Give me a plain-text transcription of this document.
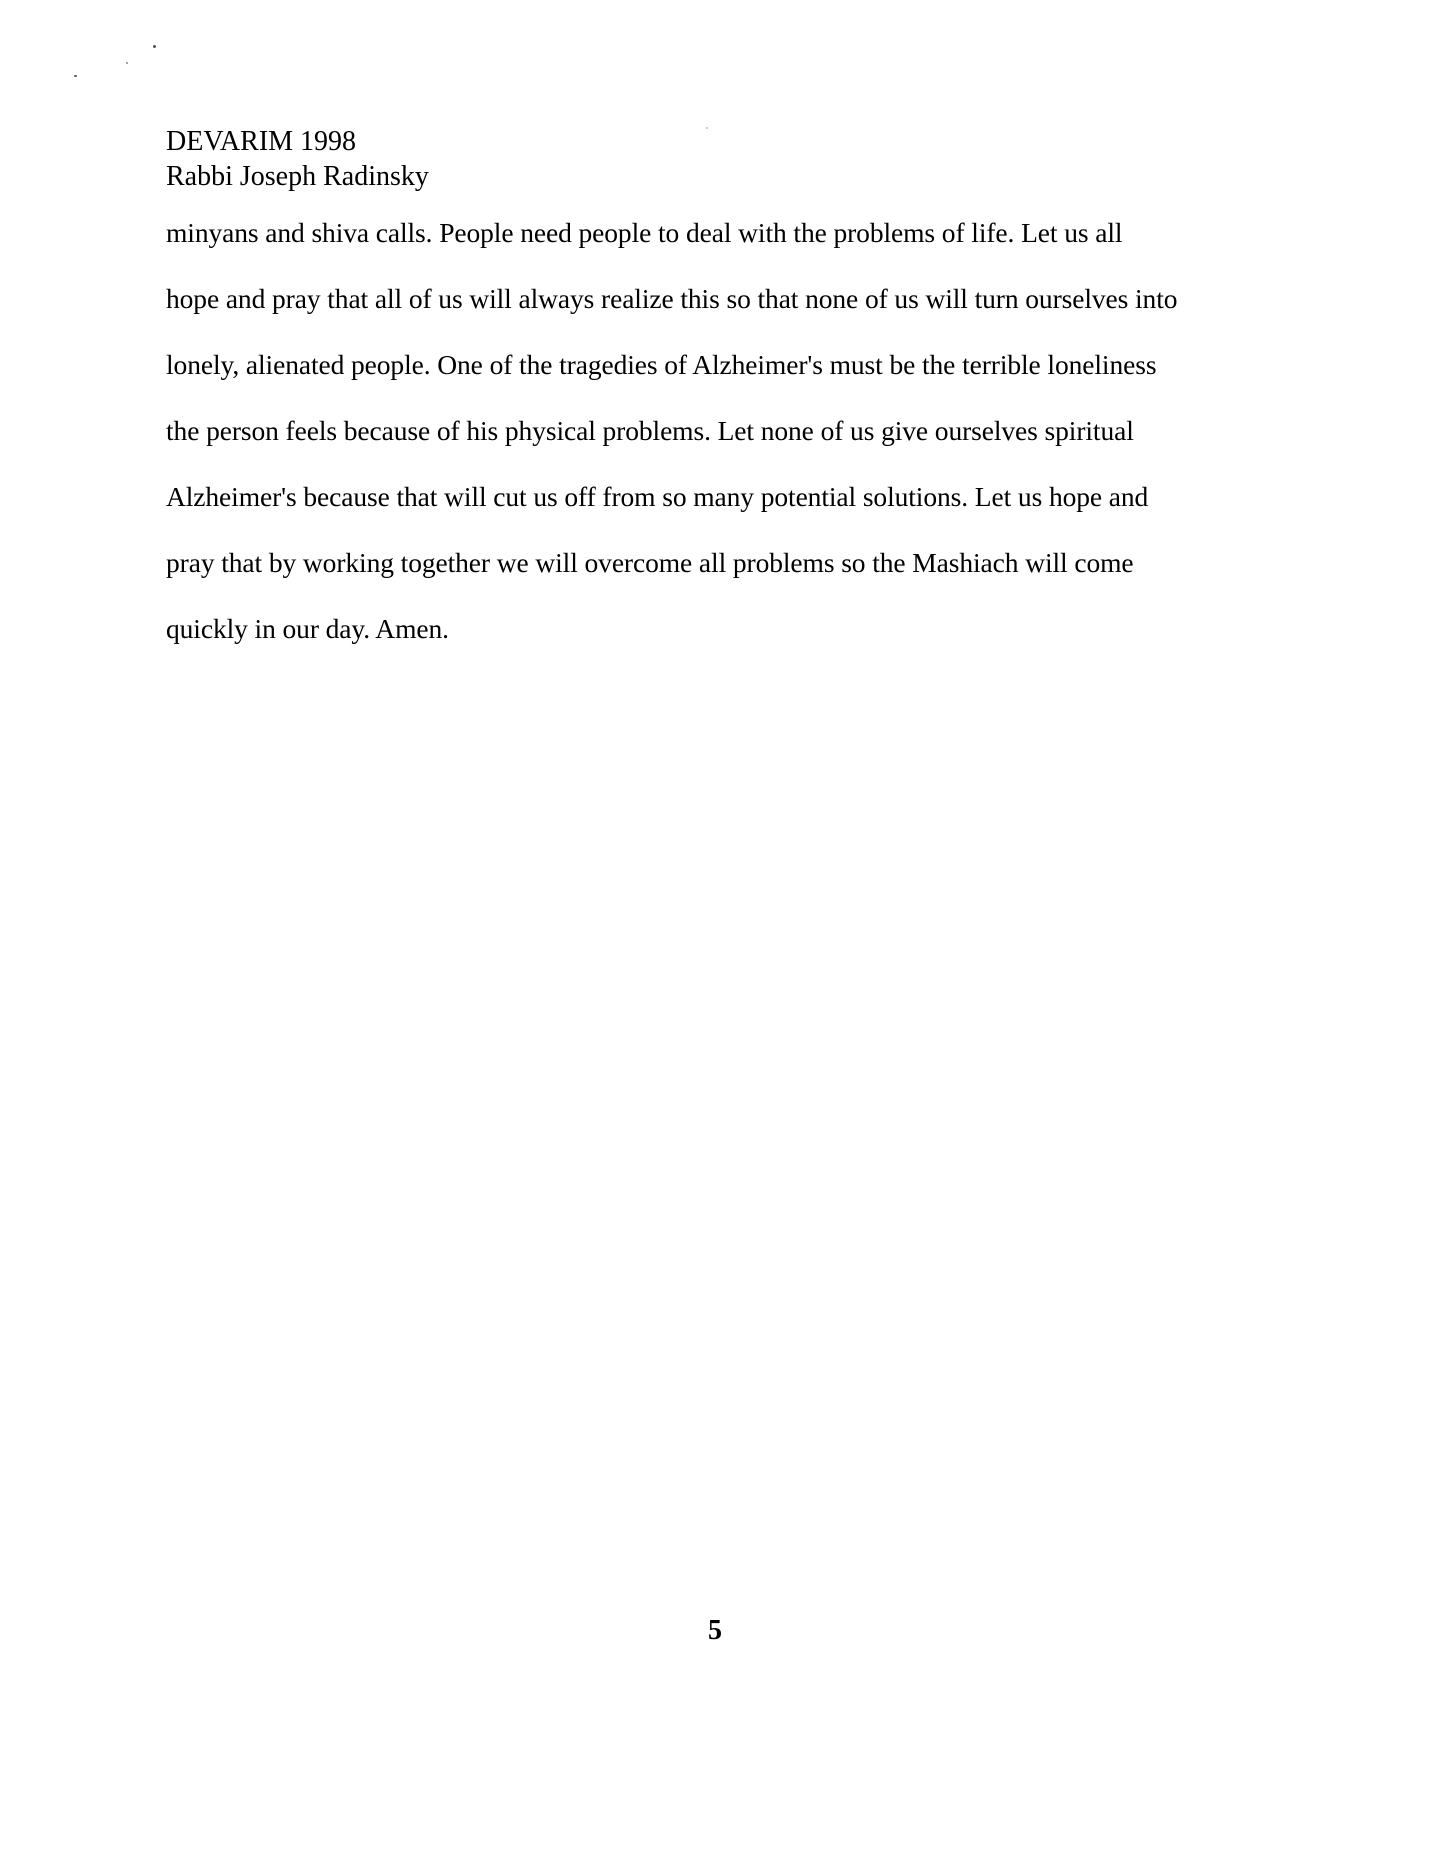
DEVARIM 1998
Rabbi Joseph Radinsky
minyans and shiva calls. People need people to deal with the problems of life. Let us all
hope and pray that all of us will always realize this so that none of us will turn ourselves into
lonely, alienated people. One of the tragedies of Alzheimer's must be the terrible loneliness
the person feels because of his physical problems. Let none of us give ourselves spiritual
Alzheimer's because that will cut us off from so many potential solutions. Let us hope and
pray that by working together we will overcome all problems so the Mashiach will come
quickly in our day. Amen.
5
